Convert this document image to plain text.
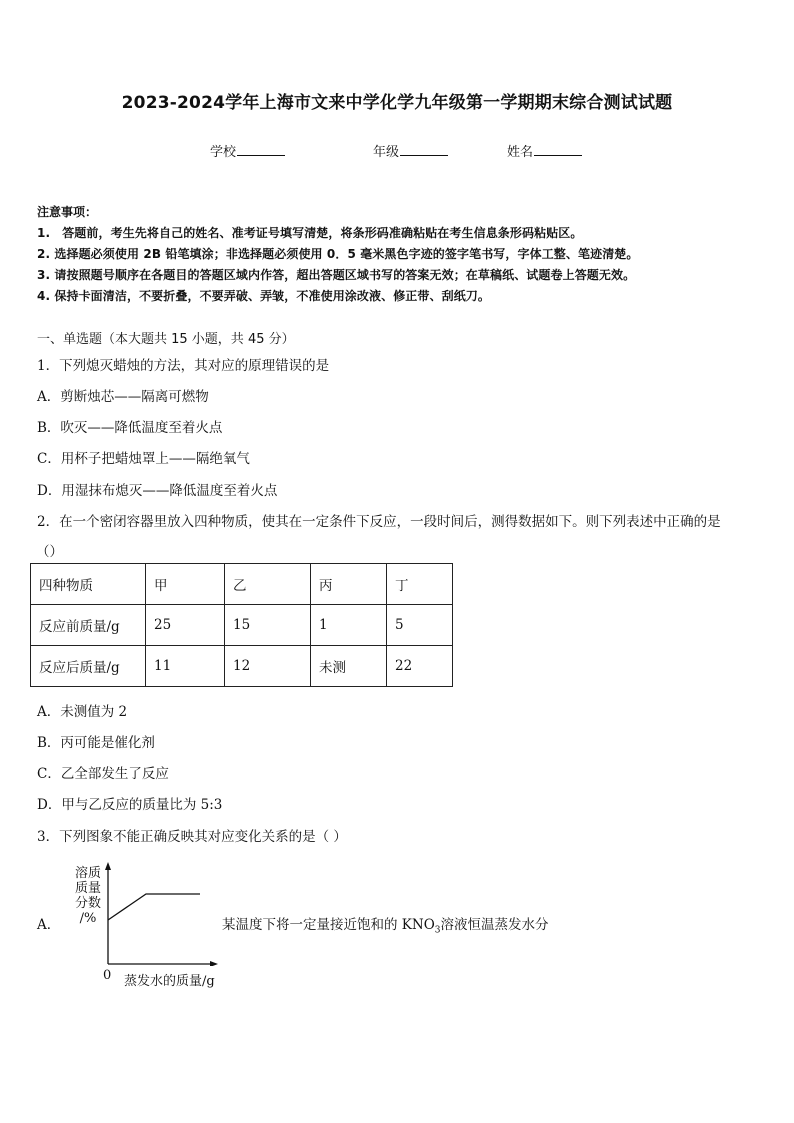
2023-2024学年上海市文来中学化学九年级第一学期期末综合测试试题
学校	年级	姓名
注意事项：
1.　答题前，考生先将自己的姓名、准考证号填写清楚，将条形码准确粘贴在考生信息条形码粘贴区。
2. 选择题必须使用 2B 铅笔填涂；非选择题必须使用 0．5 毫米黑色字迹的签字笔书写，字体工整、笔迹清楚。
3. 请按照题号顺序在各题目的答题区域内作答，超出答题区域书写的答案无效；在草稿纸、试题卷上答题无效。
4. 保持卡面清洁，不要折叠，不要弄破、弄皱，不准使用涂改液、修正带、刮纸刀。
一、单选题（本大题共 15 小题，共 45 分）
1．下列熄灭蜡烛的方法，其对应的原理错误的是
A．剪断烛芯——隔离可燃物
B．吹灭——降低温度至着火点
C．用杯子把蜡烛罩上——隔绝氧气
D．用湿抹布熄灭——降低温度至着火点
2．在一个密闭容器里放入四种物质，使其在一定条件下反应，一段时间后，测得数据如下。则下列表述中正确的是
（）
四种物质	甲	乙	丙	丁
反应前质量/g	25	15	1	5
反应后质量/g	11	12	未测	22
A．未测值为 2
B．丙可能是催化剂
C．乙全部发生了反应
D．甲与乙反应的质量比为 5:3
3．下列图象不能正确反映其对应变化关系的是（ ）
A．
溶质
质量
分数
/%
0 蒸发水的质量/g
某温度下将一定量接近饱和的 $KNO_3$溶液恒温蒸发水分
